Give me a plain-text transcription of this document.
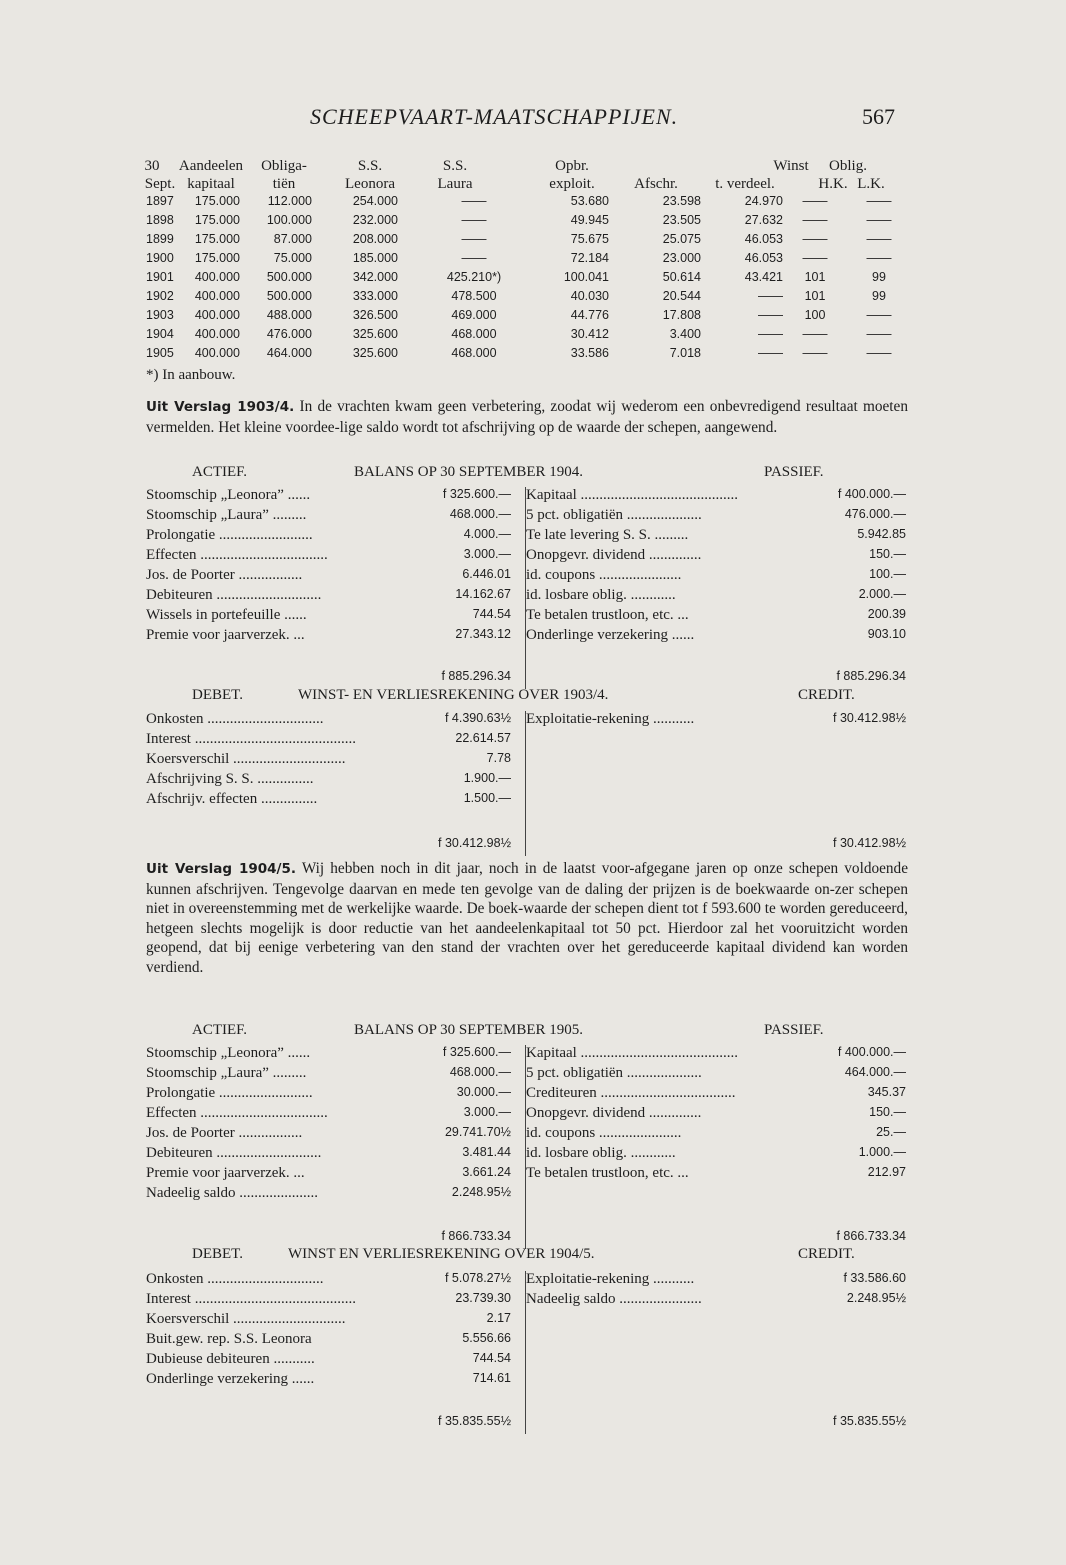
SCHEEPVAART-MAATSCHAPPIJEN.	567
30 Aandeelen Obliga-	S.S.	S.S.	Opbr.	Winst Oblig.
Sept. kapitaal	tiën	Leonora	Laura	exploit.	Afschr. t. verdeel.	H.K. L.K.
1897 175.000 112.000	254.000	——	53.680	23.598	24.970 ——	——
1898 175.000 100.000	232.000	——	49.945	23.505	27.632 ——	——
1899 175.000	87.000	208.000	——	75.675	25.075	46.053 ——	——
1900 175.000	75.000	185.000	——	72.184	23.000	46.053 ——	——
1901 400.000 500.000	342.000	425.210*)	100.041	50.614	43.421 101	99
1902 400.000 500.000	333.000	478.500	40.030	20.544	—— 101	99
1903 400.000 488.000	326.500	469.000	44.776	17.808	—— 100	——
1904 400.000 476.000	325.600	468.000	30.412	3.400	—— ——	——
1905 400.000 464.000	325.600	468.000	33.586	7.018	—— ——	——
*) In aanbouw.
Uit Verslag 1903/4. In de vrachten kwam geen verbetering, zoodat wij wederom een onbevredigend resultaat moeten vermelden. Het kleine voordee-lige saldo wordt tot afschrijving op de waarde der schepen, aangewend.
ACTIEF.	BALANS OP 30 SEPTEMBER 1904.	PASSIEF.
Stoomschip „Leonora” ......	f 325.600.— Kapitaal ..........................................	f 400.000.—
Stoomschip „Laura” .........	468.000.— 5 pct. obligatiën ....................	476.000.—
Prolongatie .........................	4.000.— Te late levering S. S. .........	5.942.85
Effecten ..................................	3.000.— Onopgevr. dividend ..............	150.—
Jos. de Poorter .................	6.446.01 id. coupons ......................	100.—
Debiteuren ............................	14.162.67 id. losbare oblig. ............	2.000.—
Wissels in portefeuille ......	744.54 Te betalen trustloon, etc. ...	200.39
Premie voor jaarverzek. ...	27.343.12 Onderlinge verzekering ......	903.10
f 885.296.34	f 885.296.34
DEBET.	WINST- EN VERLIESREKENING OVER 1903/4.	CREDIT.
Onkosten ...............................	f 4.390.63½ Exploitatie-rekening ...........	f 30.412.98½
Interest ...........................................	22.614.57
Koersverschil ..............................	7.78
Afschrijving S. S. ...............	1.900.—
Afschrijv. effecten ...............	1.500.—
f 30.412.98½	f 30.412.98½
Uit Verslag 1904/5. Wij hebben noch in dit jaar, noch in de laatst voor-afgegane jaren op onze schepen voldoende kunnen afschrijven. Tengevolge daarvan en mede ten gevolge van de daling der prijzen is de boekwaarde on-zer schepen niet in overeenstemming met de werkelijke waarde. De boek-waarde der schepen dient tot f 593.600 te worden gereduceerd, hetgeen slechts mogelijk is door reductie van het aandeelenkapitaal tot 50 pct. Hierdoor zal het vooruitzicht worden geopend, dat bij eenige verbetering van den stand der vrachten over het gereduceerde kapitaal dividend kan worden verdiend.
ACTIEF.	BALANS OP 30 SEPTEMBER 1905.	PASSIEF.
Stoomschip „Leonora” ......	f 325.600.— Kapitaal ..........................................	f 400.000.—
Stoomschip „Laura” .........	468.000.— 5 pct. obligatiën ....................	464.000.—
Prolongatie .........................	30.000.— Crediteuren ....................................	345.37
Effecten ..................................	3.000.— Onopgevr. dividend ..............	150.—
Jos. de Poorter .................	29.741.70½ id. coupons ......................	25.—
Debiteuren ............................	3.481.44 id. losbare oblig. ............	1.000.—
Premie voor jaarverzek. ...	3.661.24 Te betalen trustloon, etc. ...	212.97
Nadeelig saldo .....................	2.248.95½
f 866.733.34	f 866.733.34
DEBET.	WINST EN VERLIESREKENING OVER 1904/5.	CREDIT.
Onkosten ...............................	f 5.078.27½ Exploitatie-rekening ...........	f 33.586.60
Interest ...........................................	23.739.30 Nadeelig saldo ......................	2.248.95½
Koersverschil ..............................	2.17
Buit.gew. rep. S.S. Leonora	5.556.66
Dubieuse debiteuren ...........	744.54
Onderlinge verzekering ......	714.61
f 35.835.55½	f 35.835.55½
